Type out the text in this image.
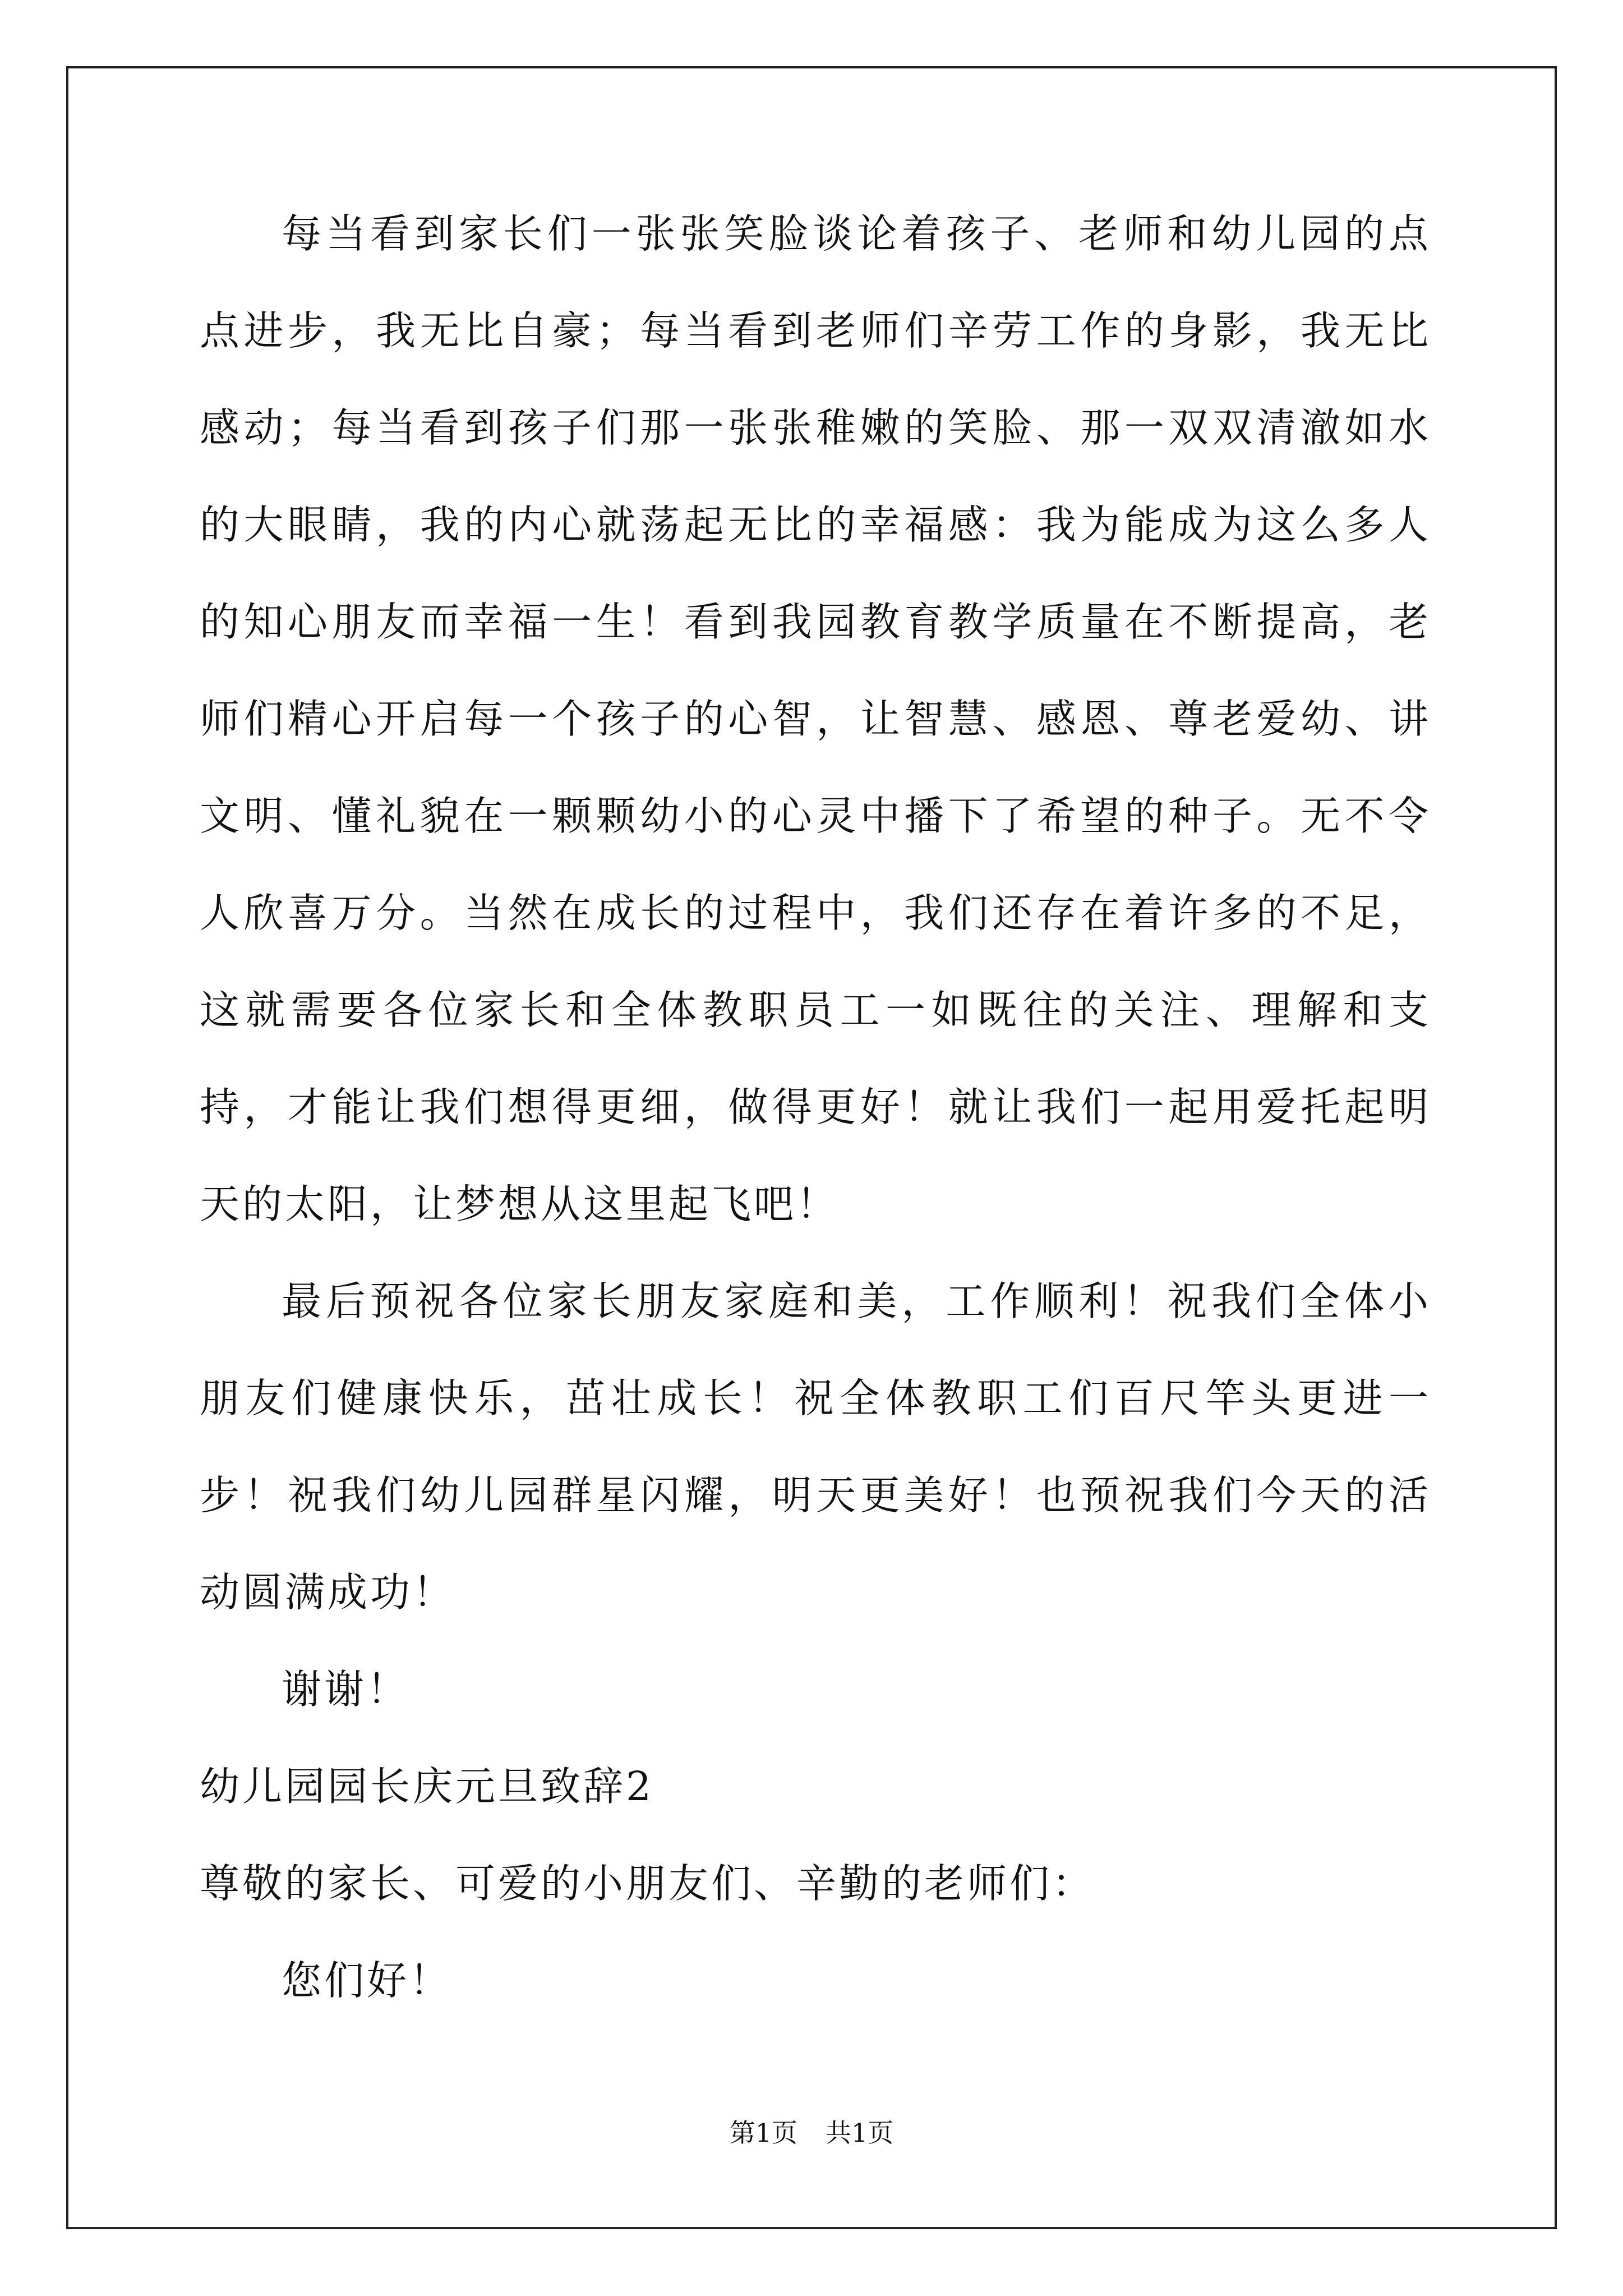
每当看到家长们一张张笑脸谈论着孩子、老师和幼儿园的点点进步，我无比自豪；每当看到老师们辛劳工作的身影，我无比感动；每当看到孩子们那一张张稚嫩的笑脸、那一双双清澈如水的大眼睛，我的内心就荡起无比的幸福感：我为能成为这么多人的知心朋友而幸福一生！看到我园教育教学质量在不断提高，老师们精心开启每一个孩子的心智，让智慧、感恩、尊老爱幼、讲文明、懂礼貌在一颗颗幼小的心灵中播下了希望的种子。无不令人欣喜万分。当然在成长的过程中，我们还存在着许多的不足，这就需要各位家长和全体教职员工一如既往的关注、理解和支持，才能让我们想得更细，做得更好！就让我们一起用爱托起明天的太阳，让梦想从这里起飞吧！

最后预祝各位家长朋友家庭和美，工作顺利！祝我们全体小朋友们健康快乐，茁壮成长！祝全体教职工们百尺竿头更进一步！祝我们幼儿园群星闪耀，明天更美好！也预祝我们今天的活动圆满成功！

谢谢！

幼儿园园长庆元旦致辞2

尊敬的家长、可爱的小朋友们、辛勤的老师们：

您们好！

第1页 共1页
